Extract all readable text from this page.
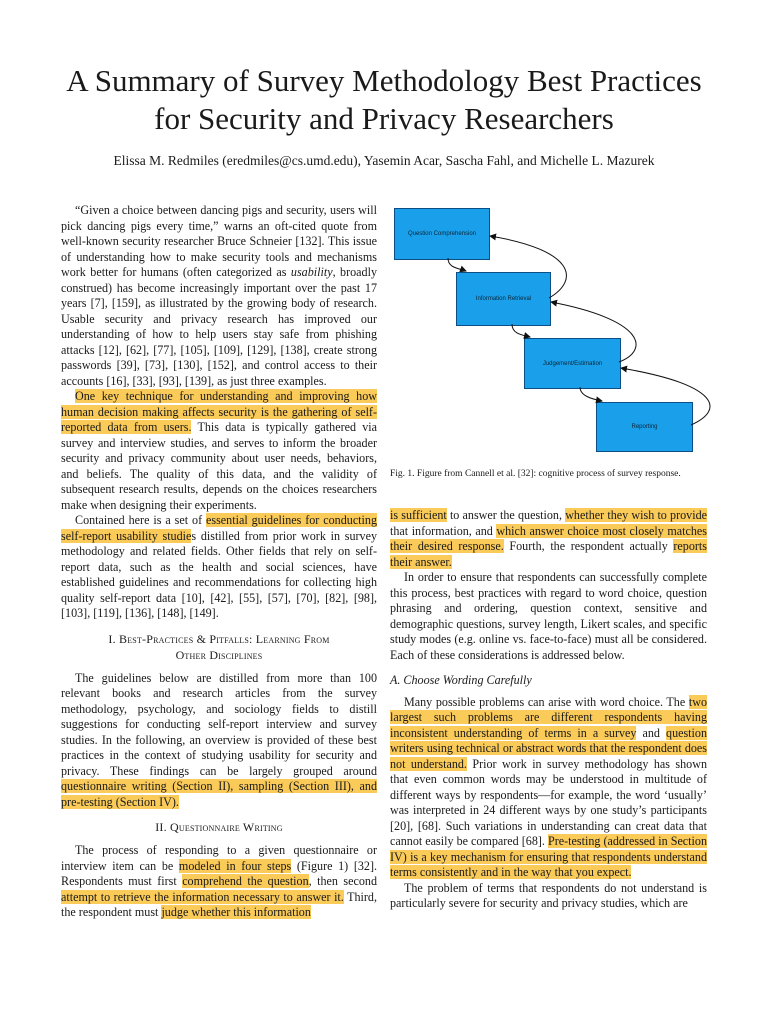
A Summary of Survey Methodology Best Practices
for Security and Privacy Researchers
Elissa M. Redmiles (eredmiles@cs.umd.edu), Yasemin Acar, Sascha Fahl, and Michelle L. Mazurek
Question Comprehension
Information Retrieval
Judgement/Estimation
Reporting
Fig. 1. Figure from Cannell et al. [32]: cognitive process of survey response.

“Given a choice between dancing pigs and security, users will pick dancing pigs every time,” warns an oft-cited quote from well-known security researcher Bruce Schneier [132]. This issue of understanding how to make security tools and mechanisms work better for humans (often categorized as usability, broadly construed) has become increasingly important over the past 17 years [7], [159], as illustrated by the growing body of research. Usable security and privacy research has improved our understanding of how to help users stay safe from phishing attacks [12], [62], [77], [105], [109], [129], [138], create strong passwords [39], [73], [130], [152], and control access to their accounts [16], [33], [93], [139], as just three examples.

One key technique for understanding and improving how human decision making affects security is the gathering of self-reported data from users. This data is typically gathered via survey and interview studies, and serves to inform the broader security and privacy community about user needs, behaviors, and beliefs. The quality of this data, and the validity of subsequent research results, depends on the choices researchers make when designing their experiments.

Contained here is a set of essential guidelines for conducting self-report usability studies distilled from prior work in survey methodology and related fields. Other fields that rely on self-report data, such as the health and social sciences, have established guidelines and recommendations for collecting high quality self-report data [10], [42], [55], [57], [70], [82], [98], [103], [119], [136], [148], [149].

I. Best-Practices & Pitfalls: Learning From
Other Disciplines

The guidelines below are distilled from more than 100 relevant books and research articles from the survey methodology, psychology, and sociology fields to distill suggestions for conducting self-report interview and survey studies. In the following, an overview is provided of these best practices in the context of studying usability for security and privacy. These findings can be largely grouped around questionnaire writing (Section II), sampling (Section III), and pre-testing (Section IV).

II. Questionnaire Writing

The process of responding to a given questionnaire or interview item can be modeled in four steps (Figure 1) [32]. Respondents must first comprehend the question, then second attempt to retrieve the information necessary to answer it. Third, the respondent must judge whether this information

is sufficient to answer the question, whether they wish to provide that information, and which answer choice most closely matches their desired response. Fourth, the respondent actually reports their answer.

In order to ensure that respondents can successfully complete this process, best practices with regard to word choice, question phrasing and ordering, question context, sensitive and demographic questions, survey length, Likert scales, and specific study modes (e.g. online vs. face-to-face) must all be considered. Each of these considerations is addressed below.

A. Choose Wording Carefully

Many possible problems can arise with word choice. The two largest such problems are different respondents having inconsistent understanding of terms in a survey and question writers using technical or abstract words that the respondent does not understand. Prior work in survey methodology has shown that even common words may be understood in multitude of different ways by respondents—for example, the word ‘usually’ was interpreted in 24 different ways by one study’s participants [20], [68]. Such variations in understanding can creat data that cannot easily be compared [68]. Pre-testing (addressed in Section IV) is a key mechanism for ensuring that respondents understand terms consistently and in the way that you expect.

The problem of terms that respondents do not understand is particularly severe for security and privacy studies, which are
